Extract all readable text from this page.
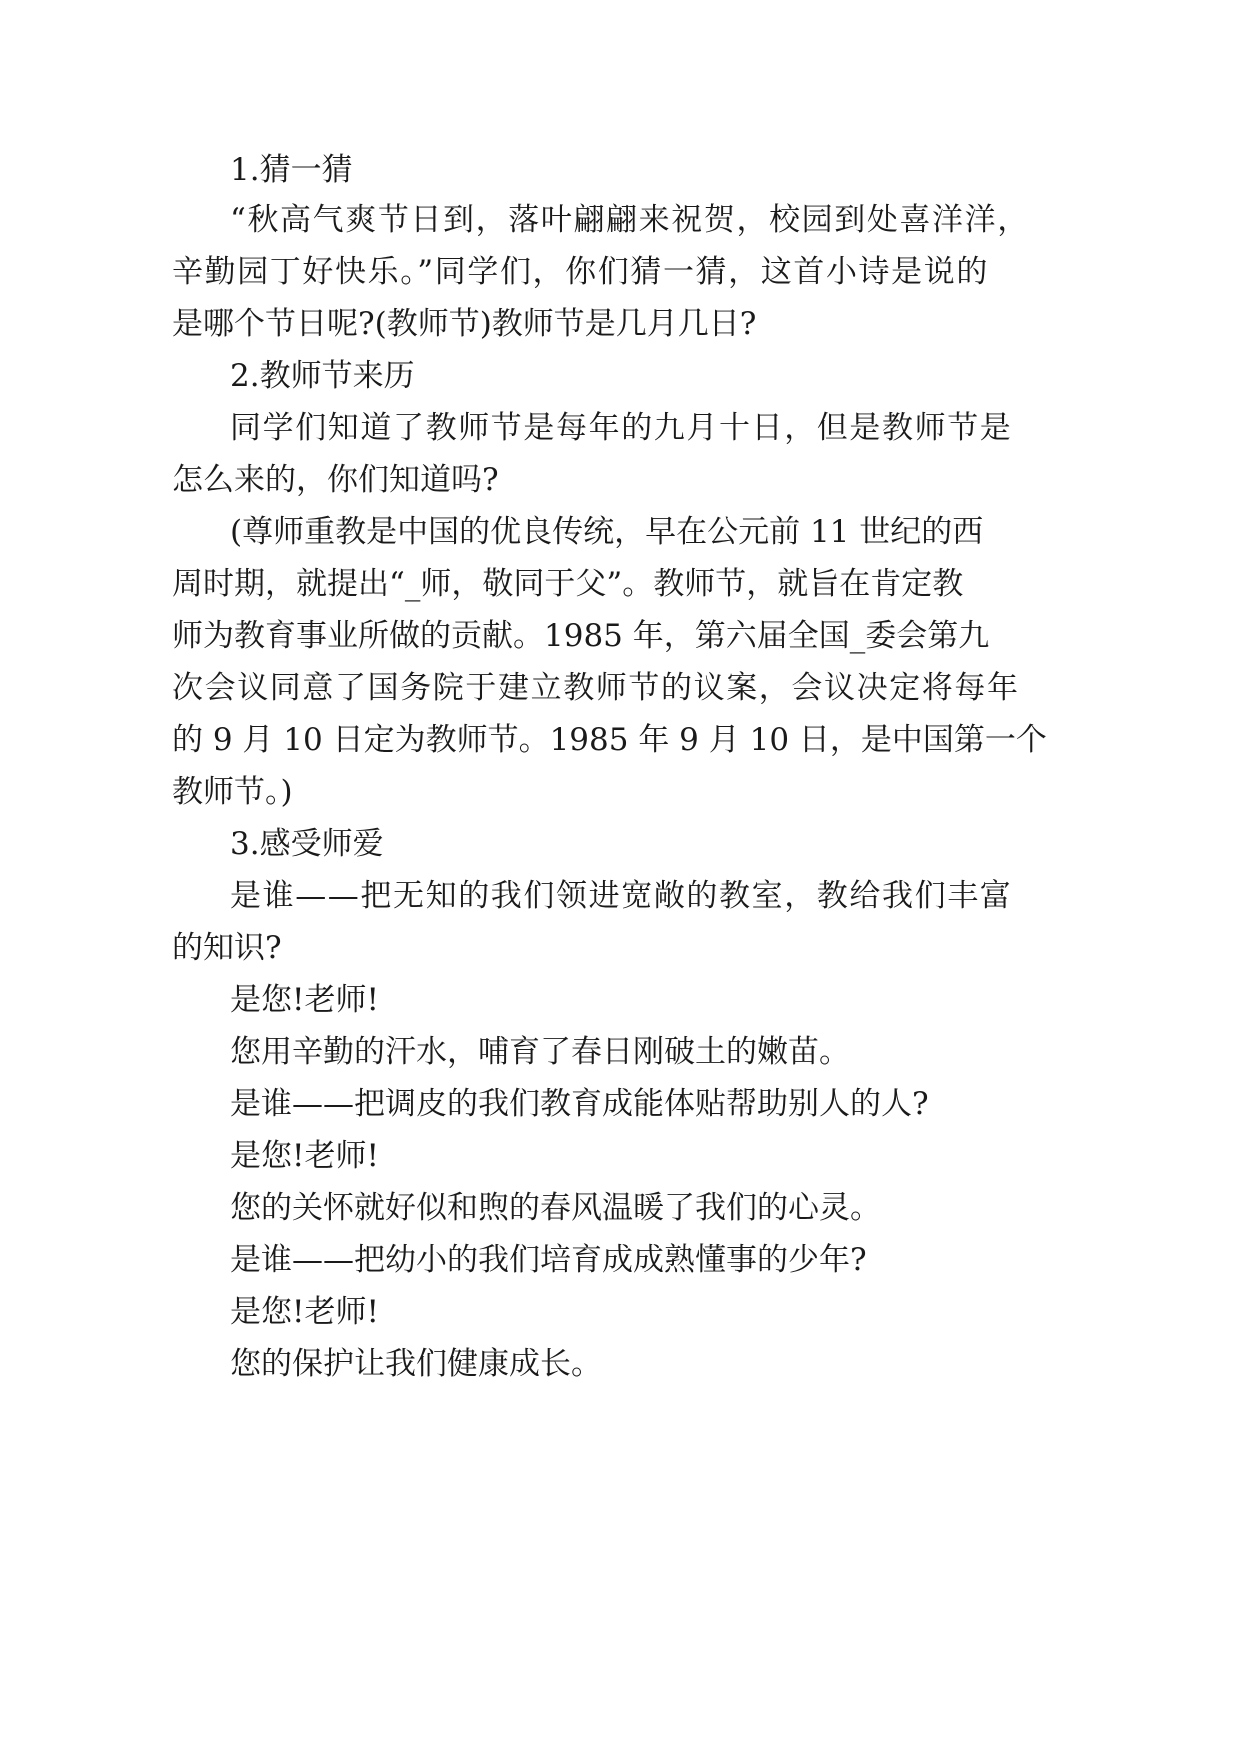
1.猜一猜
“秋高气爽节日到，落叶翩翩来祝贺，校园到处喜洋洋，
辛勤园丁好快乐。”同学们，你们猜一猜，这首小诗是说的
是哪个节日呢?(教师节)教师节是几月几日?
2.教师节来历
同学们知道了教师节是每年的九月十日，但是教师节是
怎么来的，你们知道吗?
(尊师重教是中国的优良传统，早在公元前 11 世纪的西
周时期，就提出“_师，敬同于父”。教师节，就旨在肯定教
师为教育事业所做的贡献。1985 年，第六届全国_委会第九
次会议同意了国务院于建立教师节的议案，会议决定将每年
的 9 月 10 日定为教师节。1985 年 9 月 10 日，是中国第一个
教师节。)
3.感受师爱
是谁——把无知的我们领进宽敞的教室，教给我们丰富
的知识?
是您!老师!
您用辛勤的汗水，哺育了春日刚破土的嫩苗。
是谁——把调皮的我们教育成能体贴帮助别人的人?
是您!老师!
您的关怀就好似和煦的春风温暖了我们的心灵。
是谁——把幼小的我们培育成成熟懂事的少年?
是您!老师!
您的保护让我们健康成长。
